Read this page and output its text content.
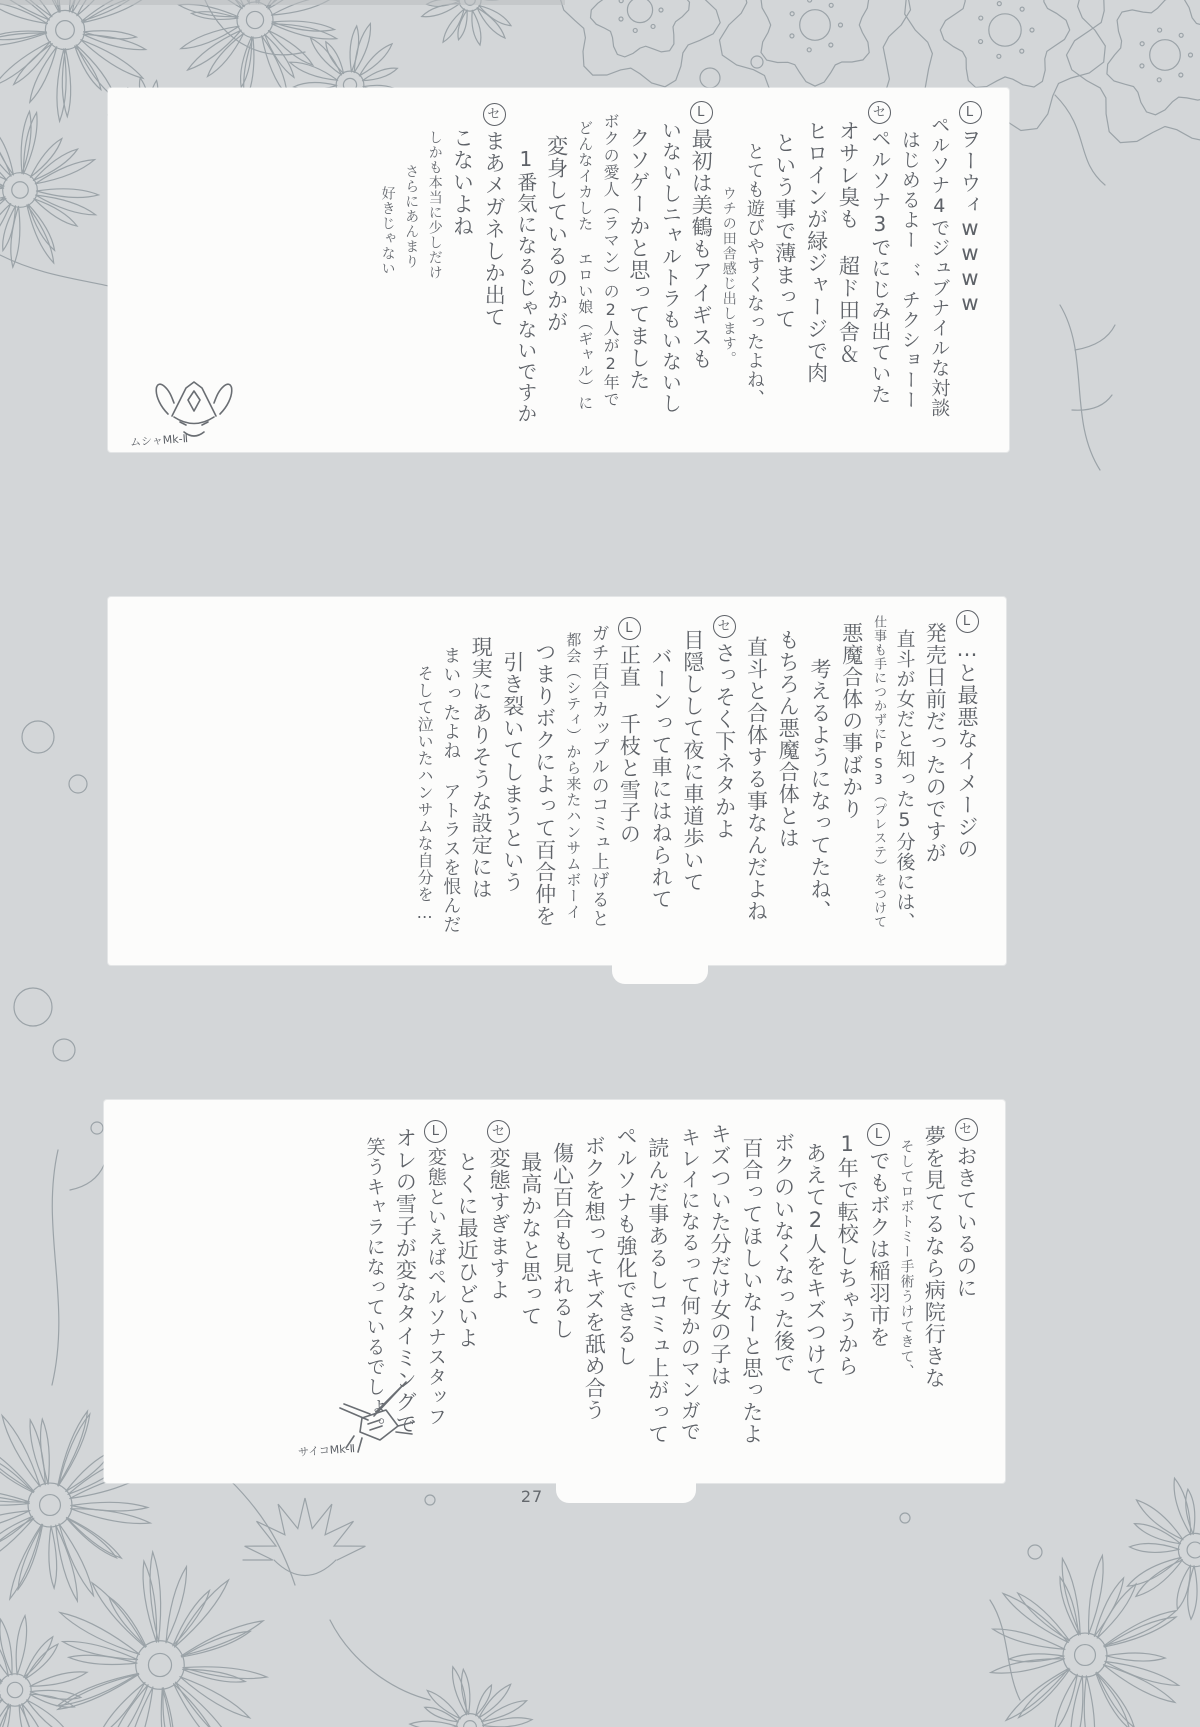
Lヲーウィwwww
ペルソナ4でジュブナイルな対談
はじめるよー゛、チクショーー
セペルソナ3でにじみ出ていた
オサレ臭も 超ド田舎＆
ヒロインが緑ジャージで肉
という事で薄まって
とても遊びやすくなったよね、
ウチの田舎感じ出します。
L最初は美鶴もアイギスも
いないしニャルトラもいないし
クソゲーかと思ってました
ボクの愛人（ラマン）の2人が2年で
どんなイカした エロい娘（ギャル）に
変身しているのかが
1番気になるじゃないですか
セまあメガネしか出て
こないよね
しかも本当に少しだけ
さらにあんまり
好きじゃない
ムシャMk-Ⅱ
L…と最悪なイメージの
発売日前だったのですが
直斗が女だと知った5分後には、
仕事も手につかずにPS3（プレステ）をつけて
悪魔合体の事ばかり
考えるようになってたね、
もちろん悪魔合体とは
直斗と合体する事なんだよね
セさっそく下ネタかよ
目隠しして夜に車道歩いて
バーンって車にはねられて
L正直 千枝と雪子の
ガチ百合カップルのコミュ上げると
都会（シティ）から来たハンサムボーイ
つまりボクによって百合仲を
引き裂いてしまうという
現実にありそうな設定には
まいったよね アトラスを恨んだ
そして泣いたハンサムな自分を…
セおきているのに
夢を見てるなら病院行きな
そしてロボトミー手術うけてきて、
Lでもボクは稲羽市を
1年で転校しちゃうから
あえて2人をキズつけて
ボクのいなくなった後で
百合ってほしいなーと思ったよ
キズついた分だけ女の子は
キレイになるって何かのマンガで
読んだ事あるしコミュ上がって
ペルソナも強化できるし
ボクを想ってキズを舐め合う
傷心百合も見れるし
最高かなと思って
セ変態すぎますよ
とくに最近ひどいよ
L変態といえばペルソナスタッフ
オレの雪子が変なタイミングで
笑うキャラになっているでしょ。
サイコMk-Ⅱ
27
